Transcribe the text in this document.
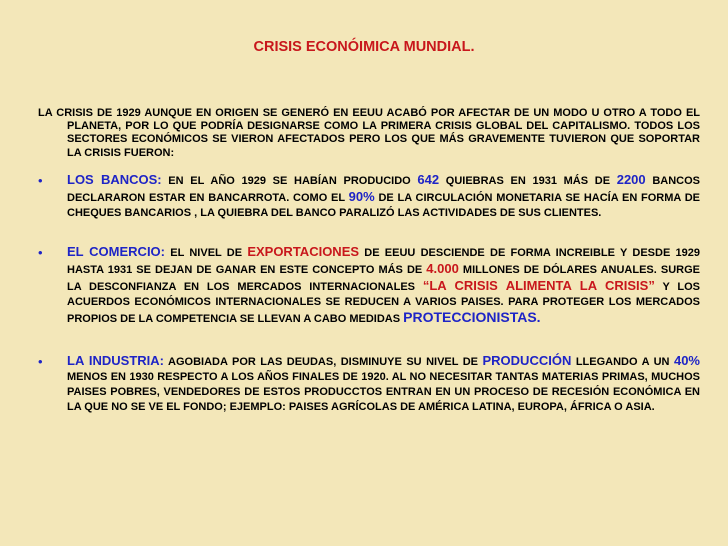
CRISIS ECONÓIMICA MUNDIAL.
LA CRISIS DE 1929 AUNQUE EN ORIGEN SE GENERÓ EN EEUU ACABÓ POR AFECTAR DE UN MODO U OTRO A TODO EL PLANETA, POR LO QUE PODRÍA DESIGNARSE COMO LA PRIMERA CRISIS GLOBAL DEL CAPITALISMO. TODOS LOS SECTORES ECONÓMICOS SE VIERON AFECTADOS PERO LOS QUE MÁS GRAVEMENTE TUVIERON QUE SOPORTAR LA CRISIS FUERON:
• LOS BANCOS: EN EL AÑO 1929 SE HABÍAN PRODUCIDO 642 QUIEBRAS EN 1931 MÁS DE 2200 BANCOS DECLARARON ESTAR EN BANCARROTA. COMO EL 90% DE LA CIRCULACIÓN MONETARIA SE HACÍA EN FORMA DE CHEQUES BANCARIOS , LA QUIEBRA DEL BANCO PARALIZÓ LAS ACTIVIDADES DE SUS CLIENTES.
• EL COMERCIO: EL NIVEL DE EXPORTACIONES DE EEUU DESCIENDE DE FORMA INCREIBLE Y DESDE 1929 HASTA 1931 SE DEJAN DE GANAR EN ESTE CONCEPTO MÁS DE 4.000 MILLONES DE DÓLARES ANUALES. SURGE LA DESCONFIANZA EN LOS MERCADOS INTERNACIONALES “LA CRISIS ALIMENTA LA CRISIS” Y LOS ACUERDOS ECONÓMICOS INTERNACIONALES SE REDUCEN A VARIOS PAISES. PARA PROTEGER LOS MERCADOS PROPIOS DE LA COMPETENCIA SE LLEVAN A CABO MEDIDAS PROTECCIONISTAS.
• LA INDUSTRIA: AGOBIADA POR LAS DEUDAS, DISMINUYE SU NIVEL DE PRODUCCIÓN LLEGANDO A UN 40% MENOS EN 1930 RESPECTO A LOS AÑOS FINALES DE 1920. AL NO NECESITAR TANTAS MATERIAS PRIMAS, MUCHOS PAISES POBRES, VENDEDORES DE ESTOS PRODUCCTOS ENTRAN EN UN PROCESO DE RECESIÓN ECONÓMICA EN LA QUE NO SE VE EL FONDO; EJEMPLO: PAISES AGRÍCOLAS DE AMÉRICA LATINA, EUROPA, ÁFRICA O ASIA.
